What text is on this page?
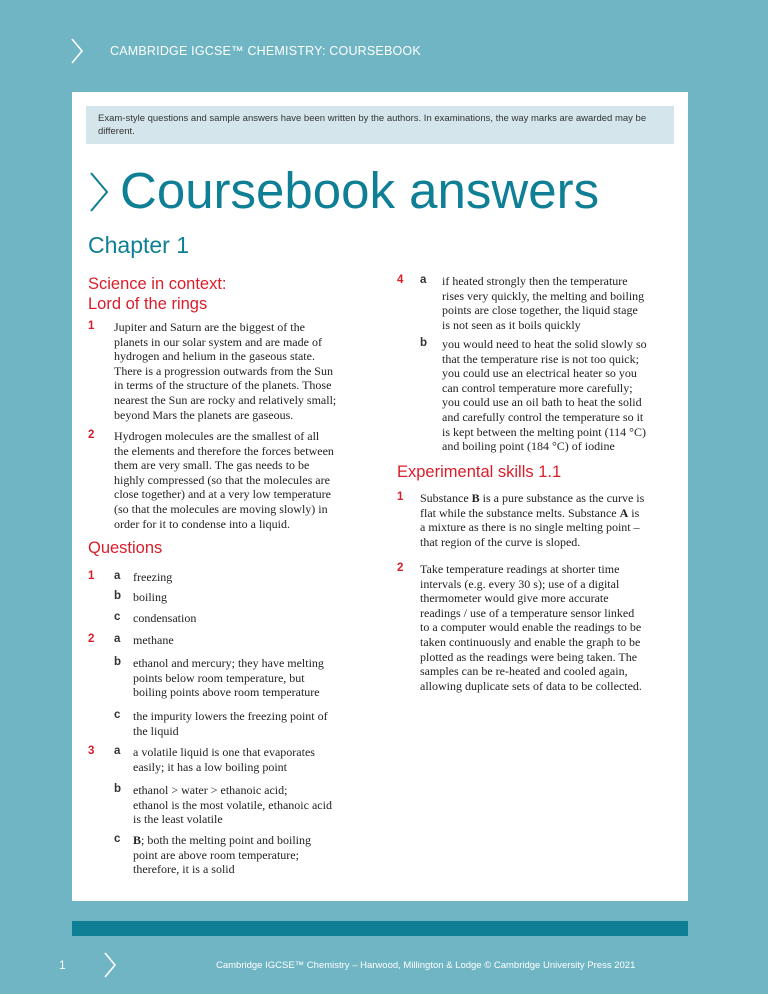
CAMBRIDGE IGCSE™ CHEMISTRY: COURSEBOOK
Exam-style questions and sample answers have been written by the authors. In examinations, the way marks are awarded may be different.
Coursebook answers
Chapter 1
Science in context:
Lord of the rings
1 Jupiter and Saturn are the biggest of the
planets in our solar system and are made of
hydrogen and helium in the gaseous state.
There is a progression outwards from the Sun
in terms of the structure of the planets. Those
nearest the Sun are rocky and relatively small;
beyond Mars the planets are gaseous.
2 Hydrogen molecules are the smallest of all
the elements and therefore the forces between
them are very small. The gas needs to be
highly compressed (so that the molecules are
close together) and at a very low temperature
(so that the molecules are moving slowly) in
order for it to condense into a liquid.
Questions
1 a freezing
b boiling
c condensation
2 a methane
b ethanol and mercury; they have melting
points below room temperature, but
boiling points above room temperature
c the impurity lowers the freezing point of
the liquid
3 a a volatile liquid is one that evaporates
easily; it has a low boiling point
b ethanol > water > ethanoic acid;
ethanol is the most volatile, ethanoic acid
is the least volatile
c B; both the melting point and boiling
point are above room temperature;
therefore, it is a solid
4 a if heated strongly then the temperature
rises very quickly, the melting and boiling
points are close together, the liquid stage
is not seen as it boils quickly
b you would need to heat the solid slowly so
that the temperature rise is not too quick;
you could use an electrical heater so you
can control temperature more carefully;
you could use an oil bath to heat the solid
and carefully control the temperature so it
is kept between the melting point (114 °C)
and boiling point (184 °C) of iodine
Experimental skills 1.1
1 Substance B is a pure substance as the curve is
flat while the substance melts. Substance A is
a mixture as there is no single melting point –
that region of the curve is sloped.
2 Take temperature readings at shorter time
intervals (e.g. every 30 s); use of a digital
thermometer would give more accurate
readings / use of a temperature sensor linked
to a computer would enable the readings to be
taken continuously and enable the graph to be
plotted as the readings were being taken. The
samples can be re-heated and cooled again,
allowing duplicate sets of data to be collected.
1	Cambridge IGCSE™ Chemistry – Harwood, Millington & Lodge © Cambridge University Press 2021
